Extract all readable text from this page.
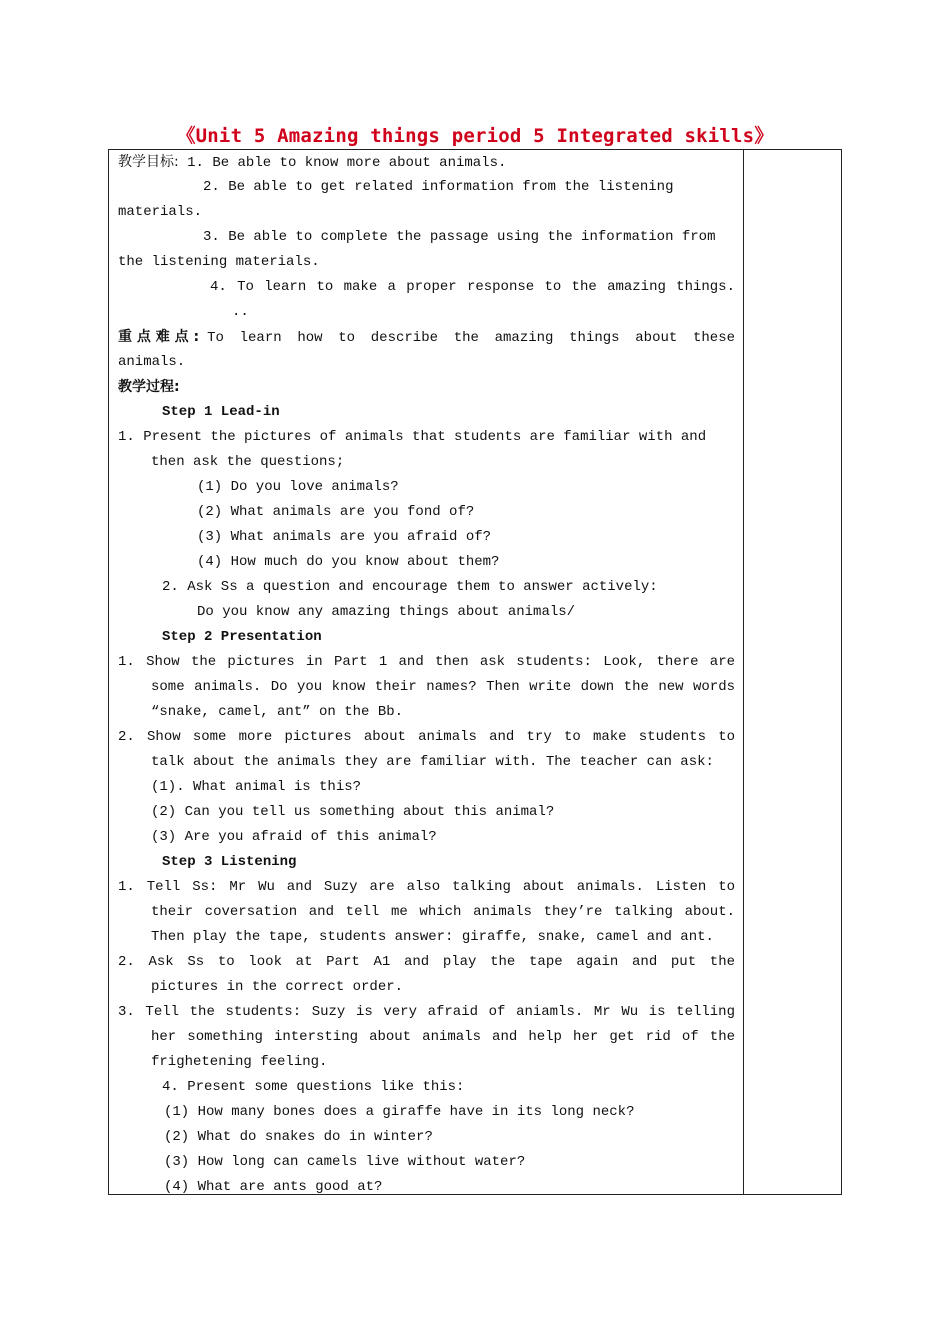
《Unit 5 Amazing things period 5 Integrated skills》
教学目标: 1. Be able to know more about animals.
2. Be able to get related information from the listening
materials.
3. Be able to complete the passage using the information from
the listening materials.
4. To learn to make a proper response to the amazing things.
..
重 点 难 点 : To learn how to describe the amazing things about these
animals.
教学过程:
Step 1 Lead-in
1. Present the pictures of animals that students are familiar with and
then ask the questions;
(1) Do you love animals?
(2) What animals are you fond of?
(3) What animals are you afraid of?
(4) How much do you know about them?
2. Ask Ss a question and encourage them to answer actively:
Do you know any amazing things about animals/
Step 2 Presentation
1. Show the pictures in Part 1 and then ask students: Look, there are
some animals. Do you know their names? Then write down the new words
“snake, camel, ant” on the Bb.
2. Show some more pictures about animals and try to make students to
talk about the animals they are familiar with. The teacher can ask:
(1). What animal is this?
(2) Can you tell us something about this animal?
(3) Are you afraid of this animal?
Step 3 Listening
1. Tell Ss: Mr Wu and Suzy are also talking about animals. Listen to
their coversation and tell me which animals they’re talking about.
Then play the tape, students answer: giraffe, snake, camel and ant.
2. Ask Ss to look at Part A1 and play the tape again and put the
pictures in the correct order.
3. Tell the students: Suzy is very afraid of aniamls. Mr Wu is telling
her something intersting about animals and help her get rid of the
frighetening feeling.
4. Present some questions like this:
(1) How many bones does a giraffe have in its long neck?
(2) What do snakes do in winter?
(3) How long can camels live without water?
(4) What are ants good at?
